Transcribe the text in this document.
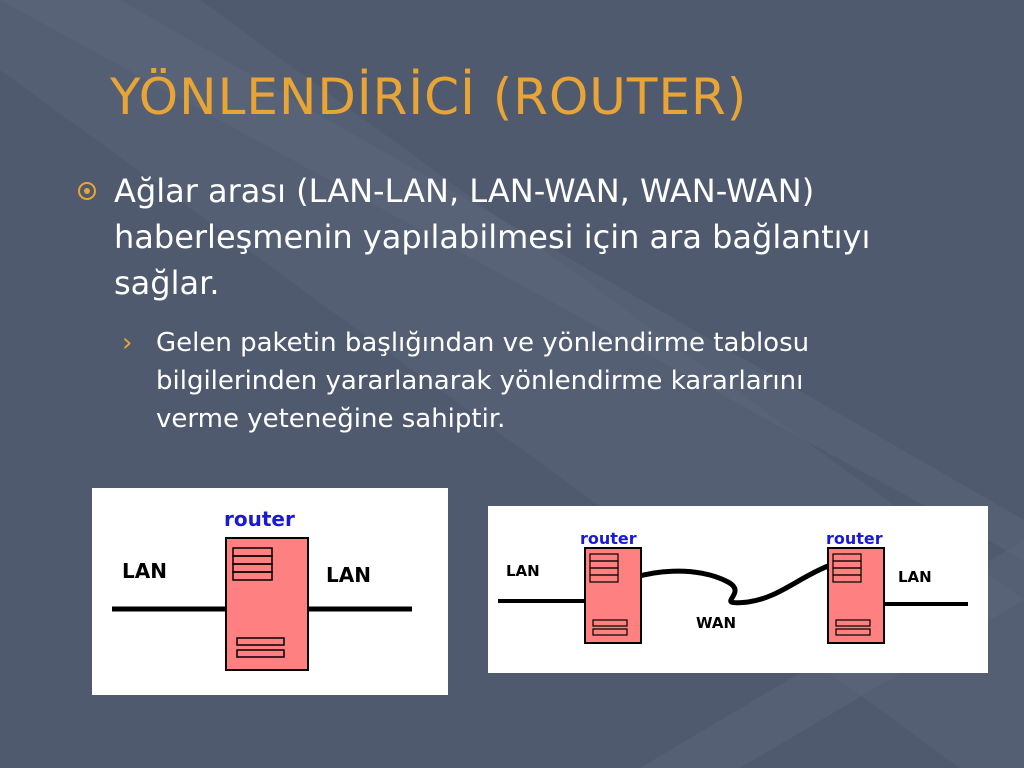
YÖNLENDİRİCİ (ROUTER)

Ağlar arası (LAN-LAN, LAN-WAN, WAN-WAN) haberleşmenin yapılabilmesi için ara bağlantıyı sağlar.

› Gelen paketin başlığından ve yönlendirme tablosu bilgilerinden yararlanarak yönlendirme kararlarını verme yeteneğine sahiptir.

router
LAN	LAN
router	router
LAN	LAN
WAN
